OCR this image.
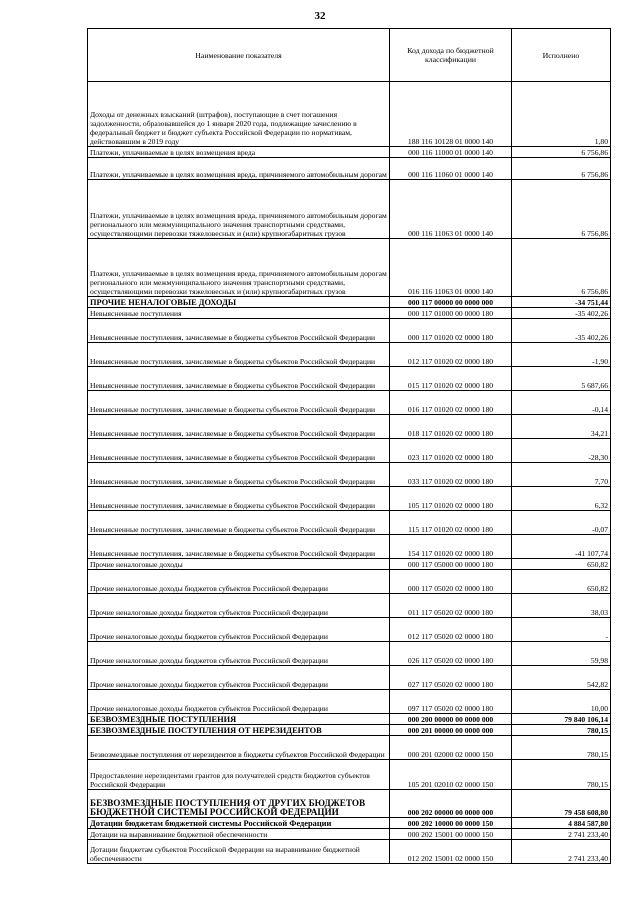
32
Наименование показателя	Код дохода по бюджетной классификации	Исполнено
Доходы от денежных взысканий (штрафов), поступающие в счет погашения задолженности, образовавшейся до 1 января 2020 года, подлежащие зачислению в федеральный бюджет и бюджет субъекта Российской Федерации по нормативам, действовавшим в 2019 году	188 116 10128 01 0000 140	1,80
Платежи, уплачиваемые в целях возмещения вреда	000 116 11000 01 0000 140	6 756,86
Платежи, уплачиваемые в целях возмещения вреда, причиняемого автомобильным дорогам	000 116 11060 01 0000 140	6 756,86
Платежи, уплачиваемые в целях возмещения вреда, причиняемого автомобильным дорогам регионального или межмуниципального значения транспортными средствами, осуществляющими перевозки тяжеловесных и (или) крупногабаритных грузов	000 116 11063 01 0000 140	6 756,86
Платежи, уплачиваемые в целях возмещения вреда, причиняемого автомобильным дорогам регионального или межмуниципального значения транспортными средствами, осуществляющими перевозки тяжеловесных и (или) крупногабаритных грузов	016 116 11063 01 0000 140	6 756,86
ПРОЧИЕ НЕНАЛОГОВЫЕ ДОХОДЫ	000 117 00000 00 0000 000	-34 751,44
Невыясненные поступления	000 117 01000 00 0000 180	-35 402,26
Невыясненные поступления, зачисляемые в бюджеты субъектов Российской Федерации	000 117 01020 02 0000 180	-35 402,26
Невыясненные поступления, зачисляемые в бюджеты субъектов Российской Федерации	012 117 01020 02 0000 180	-1,90
Невыясненные поступления, зачисляемые в бюджеты субъектов Российской Федерации	015 117 01020 02 0000 180	5 687,66
Невыясненные поступления, зачисляемые в бюджеты субъектов Российской Федерации	016 117 01020 02 0000 180	-0,14
Невыясненные поступления, зачисляемые в бюджеты субъектов Российской Федерации	018 117 01020 02 0000 180	34,21
Невыясненные поступления, зачисляемые в бюджеты субъектов Российской Федерации	023 117 01020 02 0000 180	-28,30
Невыясненные поступления, зачисляемые в бюджеты субъектов Российской Федерации	033 117 01020 02 0000 180	7,70
Невыясненные поступления, зачисляемые в бюджеты субъектов Российской Федерации	105 117 01020 02 0000 180	6,32
Невыясненные поступления, зачисляемые в бюджеты субъектов Российской Федерации	115 117 01020 02 0000 180	-0,07
Невыясненные поступления, зачисляемые в бюджеты субъектов Российской Федерации	154 117 01020 02 0000 180	-41 107,74
Прочие неналоговые доходы	000 117 05000 00 0000 180	650,82
Прочие неналоговые доходы бюджетов субъектов Российской Федерации	000 117 05020 02 0000 180	650,82
Прочие неналоговые доходы бюджетов субъектов Российской Федерации	011 117 05020 02 0000 180	38,03
Прочие неналоговые доходы бюджетов субъектов Российской Федерации	012 117 05020 02 0000 180	-
Прочие неналоговые доходы бюджетов субъектов Российской Федерации	026 117 05020 02 0000 180	59,98
Прочие неналоговые доходы бюджетов субъектов Российской Федерации	027 117 05020 02 0000 180	542,82
Прочие неналоговые доходы бюджетов субъектов Российской Федерации	097 117 05020 02 0000 180	10,00
БЕЗВОЗМЕЗДНЫЕ ПОСТУПЛЕНИЯ	000 200 00000 00 0000 000	79 840 106,14
БЕЗВОЗМЕЗДНЫЕ ПОСТУПЛЕНИЯ ОТ НЕРЕЗИДЕНТОВ	000 201 00000 00 0000 000	780,15
Безвозмездные поступления от нерезидентов в бюджеты субъектов Российской Федерации	000 201 02000 02 0000 150	780,15
Предоставление нерезидентами грантов для получателей средств бюджетов субъектов Российской Федерации	105 201 02010 02 0000 150	780,15
БЕЗВОЗМЕЗДНЫЕ ПОСТУПЛЕНИЯ ОТ ДРУГИХ БЮДЖЕТОВ БЮДЖЕТНОЙ СИСТЕМЫ РОССИЙСКОЙ ФЕДЕРАЦИИ	000 202 00000 00 0000 000	79 458 608,80
Дотации бюджетам бюджетной системы Российской Федерации	000 202 10000 00 0000 150	4 884 587,80
Дотации на выравнивание бюджетной обеспеченности	000 202 15001 00 0000 150	2 741 233,40
Дотации бюджетам субъектов Российской Федерации на выравнивание бюджетной обеспеченности	012 202 15001 02 0000 150	2 741 233,40
